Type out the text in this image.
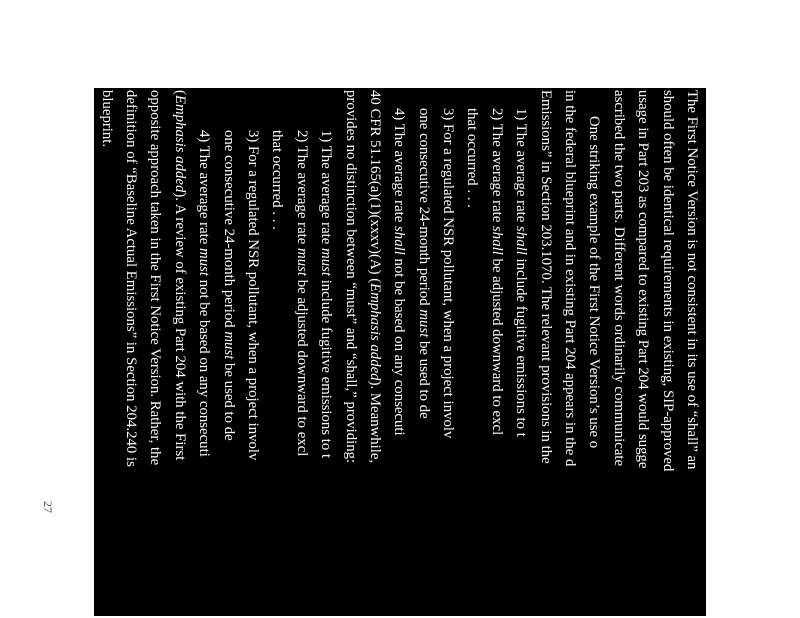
27
The First Notice Version is not consistent in its use of “shall” an
should often be identical requirements in existing, SIP-approved
usage in Part 203 as compared to existing Part 204 would sugge
ascribed the two parts. Different words ordinarily communicate
One striking example of the First Notice Version’s use o
in the federal blueprint and in existing Part 204 appears in the d
Emissions” in Section 203.1070. The relevant provisions in the
1) The average rate shall include fugitive emissions to t
2) The average rate shall be adjusted downward to excl
that occurred . . .
3) For a regulated NSR pollutant, when a project involv
one consecutive 24-month period must be used to de
4) The average rate shall not be based on any consecuti
40 CFR 51.165(a)(1)(xxxv)(A) (Emphasis added). Meanwhile,
provides no distinction between “must” and “shall,” providing:
1) The average rate must include fugitive emissions to t
2) The average rate must be adjusted downward to excl
that occurred . . .
3) For a regulated NSR pollutant, when a project involv
one consecutive 24-month period must be used to de
4) The average rate must not be based on any consecuti
(Emphasis added). A review of existing Part 204 with the First
opposite approach taken in the First Notice Version. Rather, the
definition of “Baseline Actual Emissions” in Section 204.240 is
blueprint.
